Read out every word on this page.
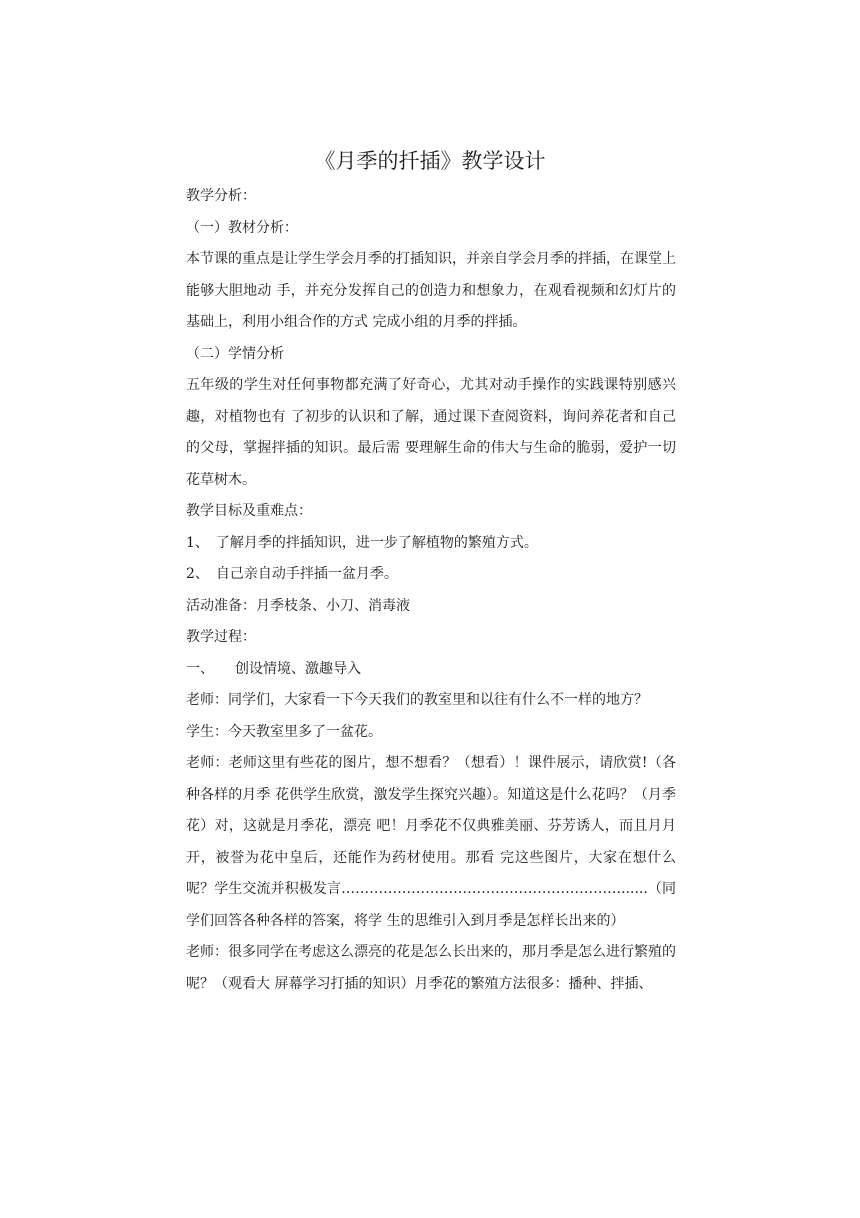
《月季的扦插》教学设计

教学分析：

（一）教材分析：

本节课的重点是让学生学会月季的打插知识，并亲自学会月季的拌插，在课堂上能够大胆地动 手，并充分发挥自己的创造力和想象力，在观看视频和幻灯片的基础上，利用小组合作的方式 完成小组的月季的拌插。

（二）学情分析

五年级的学生对任何事物都充满了好奇心，尤其对动手操作的实践课特别感兴趣，对植物也有 了初步的认识和了解，通过课下查阅资料，询问养花者和自己的父母，掌握拌插的知识。最后需 要理解生命的伟大与生命的脆弱，爱护一切花草树木。

教学目标及重难点：

1、　了解月季的拌插知识，进一步了解植物的繁殖方式。

2、　自己亲自动手拌插一盆月季。

活动准备：月季枝条、小刀、消毒液

教学过程：

一、　　创设情境、激趣导入

老师：同学们，大家看一下今天我们的教室里和以往有什么不一样的地方？

学生：今天教室里多了一盆花。

老师：老师这里有些花的图片，想不想看？（想看）！课件展示，请欣赏!（各种各样的月季 花供学生欣赏，激发学生探究兴趣）。知道这是什么花吗？（月季花）对，这就是月季花，漂亮 吧！月季花不仅典雅美丽、芬芳诱人，而且月月开，被誉为花中皇后，还能作为药材使用。那看 完这些图片，大家在想什么呢？学生交流并积极发言……………………………………………………......（同学们回答各种各样的答案，将学 生的思维引入到月季是怎样长出来的）

老师：很多同学在考虑这么漂亮的花是怎么长出来的，那月季是怎么进行繁殖的呢？（观看大 屏幕学习打插的知识）月季花的繁殖方法很多：播种、拌插、
